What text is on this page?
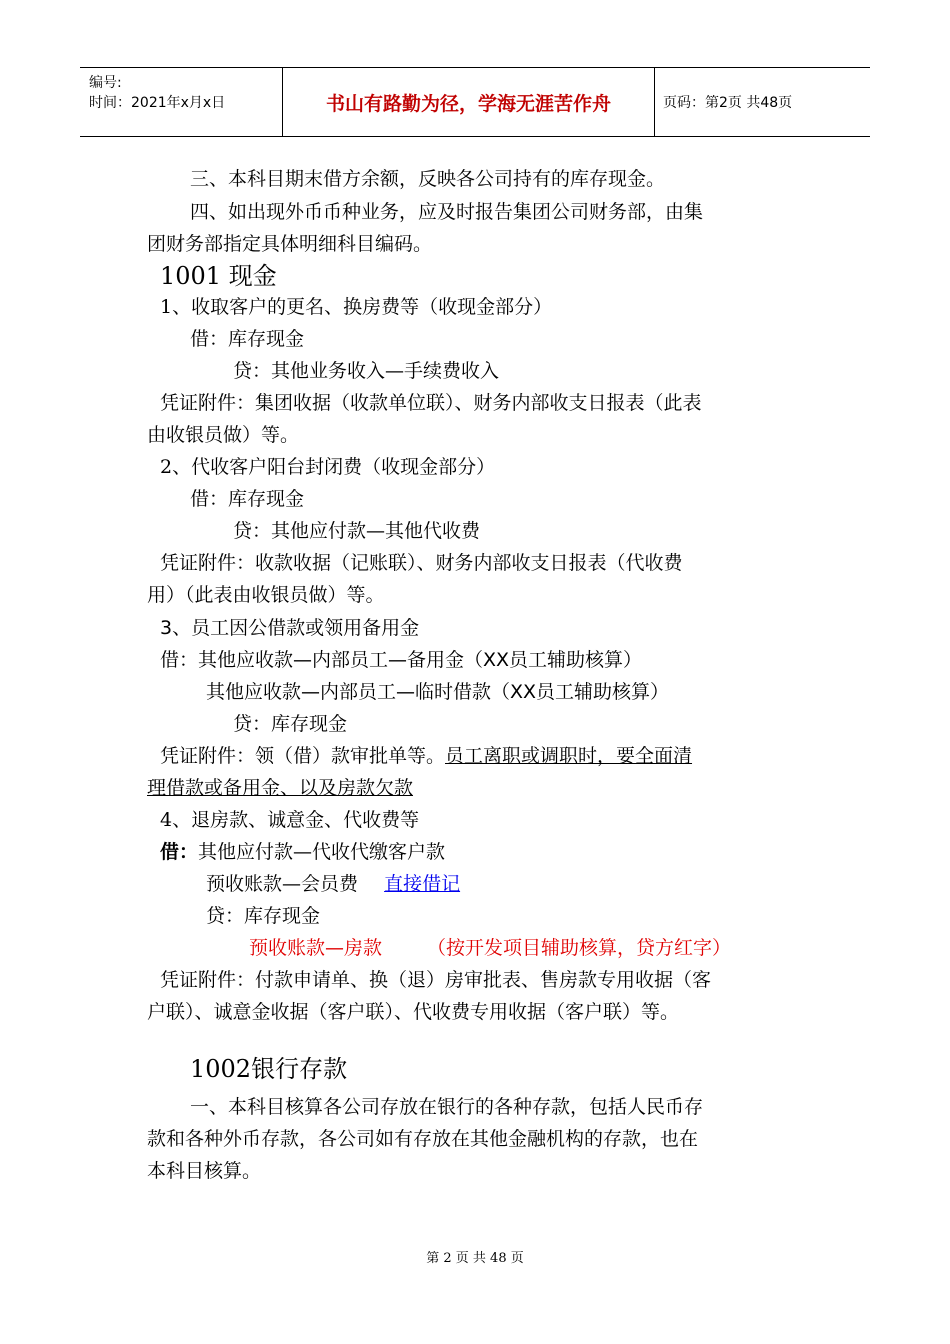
编号:
时间：2021年x月x日	书山有路勤为径，学海无涯苦作舟	页码：第2页 共48页
三、本科目期末借方余额，反映各公司持有的库存现金。
四、如出现外币币种业务，应及时报告集团公司财务部，由集
团财务部指定具体明细科目编码。
1001 现金
1、收取客户的更名、换房费等（收现金部分）
借：库存现金
贷：其他业务收入—手续费收入
凭证附件：集团收据（收款单位联）、财务内部收支日报表（此表
由收银员做）等。
2、代收客户阳台封闭费（收现金部分）
借：库存现金
贷：其他应付款—其他代收费
凭证附件：收款收据（记账联）、财务内部收支日报表（代收费
用）（此表由收银员做）等。
3、员工因公借款或领用备用金
借：其他应收款—内部员工—备用金（XX员工辅助核算）
其他应收款—内部员工—临时借款（XX员工辅助核算）
贷：库存现金
凭证附件：领（借）款审批单等。员工离职或调职时，要全面清
理借款或备用金、以及房款欠款
4、退房款、诚意金、代收费等
借：其他应付款—代收代缴客户款
预收账款—会员费 直接借记
贷：库存现金
预收账款—房款 （按开发项目辅助核算，贷方红字）
凭证附件：付款申请单、换（退）房审批表、售房款专用收据（客
户联）、诚意金收据（客户联）、代收费专用收据（客户联）等。
1002银行存款
一、本科目核算各公司存放在银行的各种存款，包括人民币存
款和各种外币存款，各公司如有存放在其他金融机构的存款，也在
本科目核算。
第 2 页 共 48 页
